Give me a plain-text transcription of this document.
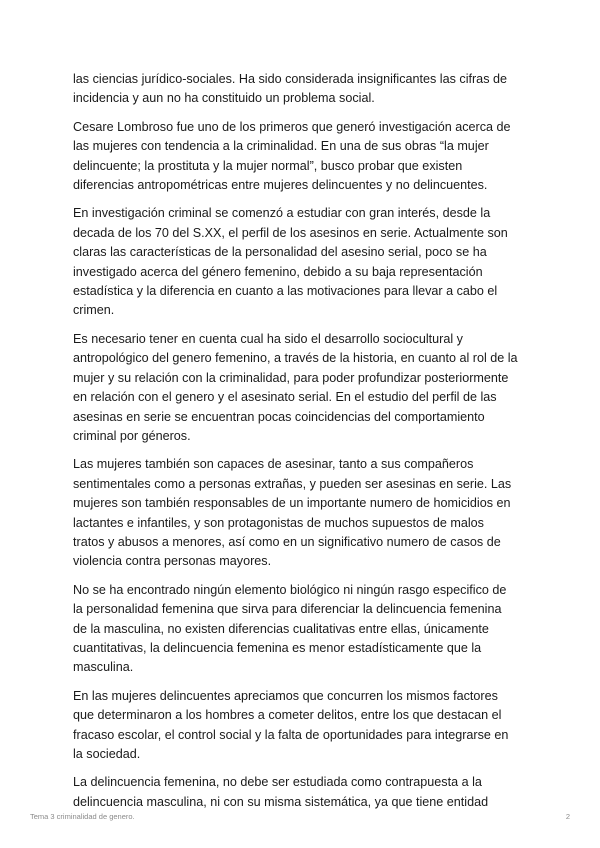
las ciencias jurídico-sociales. Ha sido considerada insignificantes las cifras de
incidencia y aun no ha constituido un problema social.

Cesare Lombroso fue uno de los primeros que generó investigación acerca de
las mujeres con tendencia a la criminalidad. En una de sus obras “la mujer
delincuente; la prostituta y la mujer normal”, busco probar que existen
diferencias antropométricas entre mujeres delincuentes y no delincuentes.

En investigación criminal se comenzó a estudiar con gran interés, desde la
decada de los 70 del S.XX, el perfil de los asesinos en serie. Actualmente son
claras las características de la personalidad del asesino serial, poco se ha
investigado acerca del género femenino, debido a su baja representación
estadística y la diferencia en cuanto a las motivaciones para llevar a cabo el
crimen.

Es necesario tener en cuenta cual ha sido el desarrollo sociocultural y
antropológico del genero femenino, a través de la historia, en cuanto al rol de la
mujer y su relación con la criminalidad, para poder profundizar posteriormente
en relación con el genero y el asesinato serial. En el estudio del perfil de las
asesinas en serie se encuentran pocas coincidencias del comportamiento
criminal por géneros.

Las mujeres también son capaces de asesinar, tanto a sus compañeros
sentimentales como a personas extrañas, y pueden ser asesinas en serie. Las
mujeres son también responsables de un importante numero de homicidios en
lactantes e infantiles, y son protagonistas de muchos supuestos de malos
tratos y abusos a menores, así como en un significativo numero de casos de
violencia contra personas mayores.

No se ha encontrado ningún elemento biológico ni ningún rasgo especifico de
la personalidad femenina que sirva para diferenciar la delincuencia femenina
de la masculina, no existen diferencias cualitativas entre ellas, únicamente
cuantitativas, la delincuencia femenina es menor estadísticamente que la
masculina.

En las mujeres delincuentes apreciamos que concurren los mismos factores
que determinaron a los hombres a cometer delitos, entre los que destacan el
fracaso escolar, el control social y la falta de oportunidades para integrarse en
la sociedad.

La delincuencia femenina, no debe ser estudiada como contrapuesta a la
delincuencia masculina, ni con su misma sistemática, ya que tiene entidad

Tema 3 criminalidad de genero.	2
